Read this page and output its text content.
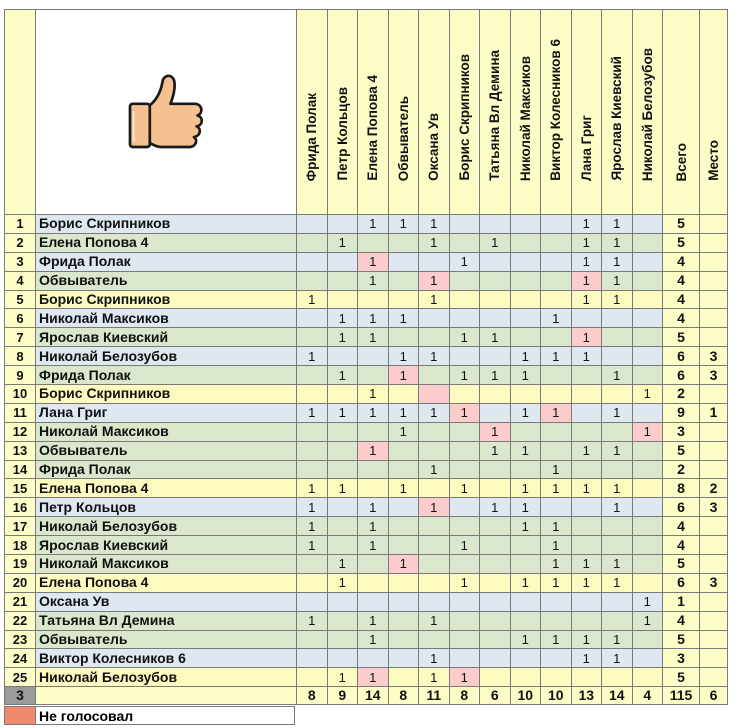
		Фрида Полак	Петр Кольцов	Елена Попова 4	Обвыватель	Оксана Ув	Борис Скрипников	Татьяна Вл Демина	Николай Максиков	Виктор Колесников 6	Лана Григ	Ярослав Киевский	Николай Белозубов	Всего	Место
1	Борис Скрипников			1	1	1					1	1		5	
2	Елена Попова 4		1			1		1			1	1		5	
3	Фрида Полак			1			1				1	1		4	
4	Обвыватель			1		1					1	1		4	
5	Борис Скрипников	1				1					1	1		4	
6	Николай Максиков		1	1	1					1				4	
7	Ярослав Киевский		1	1			1	1			1			5	
8	Николай Белозубов	1			1	1			1	1	1			6	3
9	Фрида Полак		1		1		1	1	1			1		6	3
10	Борис Скрипников			1									1	2	
11	Лана Григ	1	1	1	1	1	1		1	1		1		9	1
12	Николай Максиков				1			1					1	3	
13	Обвыватель			1				1	1		1	1		5	
14	Фрида Полак					1				1				2	
15	Елена Попова 4	1	1		1		1		1	1	1	1		8	2
16	Петр Кольцов	1		1		1		1	1			1		6	3
17	Николай Белозубов	1		1					1	1				4	
18	Ярослав Киевский	1		1			1			1				4	
19	Николай Максиков		1		1					1	1	1		5	
20	Елена Попова 4		1				1		1	1	1	1		6	3
21	Оксана Ув												1	1	
22	Татьяна Вл Демина	1		1		1							1	4	
23	Обвыватель			1					1	1	1	1		5	
24	Виктор Колесников 6					1					1	1		3	
25	Николай Белозубов		1	1		1	1							5	
3		8	9	14	8	11	8	6	10	10	13	14	4	115	6
	Не голосовал
